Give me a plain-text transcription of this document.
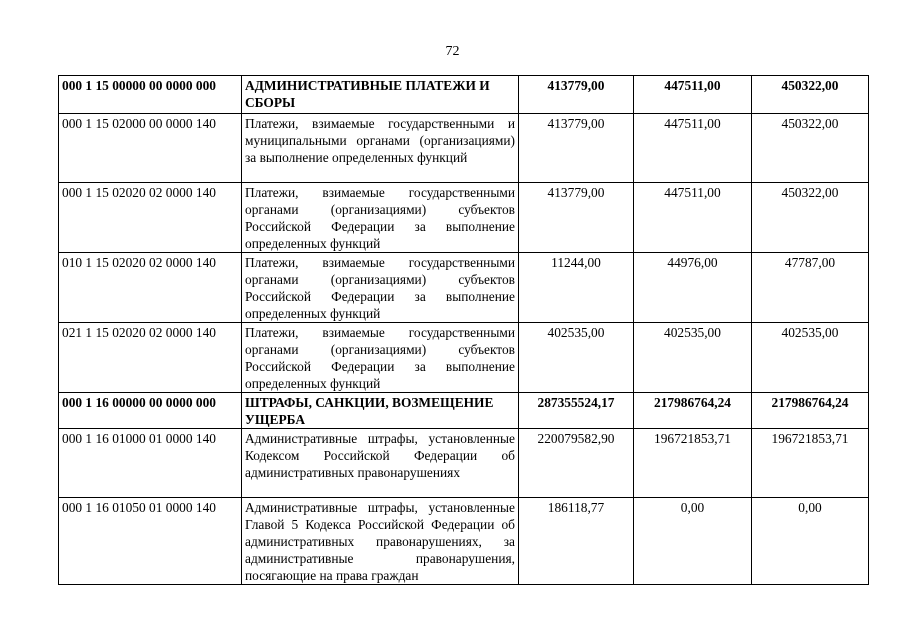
72
000 1 15 00000 00 0000 000	АДМИНИСТРАТИВНЫЕ ПЛАТЕЖИ И СБОРЫ	413779,00	447511,00	450322,00
000 1 15 02000 00 0000 140	Платежи, взимаемые государственными и муниципальными органами (организациями) за выполнение определенных функций	413779,00	447511,00	450322,00
000 1 15 02020 02 0000 140	Платежи, взимаемые государственными органами (организациями) субъектов Российской Федерации за выполнение определенных функций	413779,00	447511,00	450322,00
010 1 15 02020 02 0000 140	Платежи, взимаемые государственными органами (организациями) субъектов Российской Федерации за выполнение определенных функций	11244,00	44976,00	47787,00
021 1 15 02020 02 0000 140	Платежи, взимаемые государственными органами (организациями) субъектов Российской Федерации за выполнение определенных функций	402535,00	402535,00	402535,00
000 1 16 00000 00 0000 000	ШТРАФЫ, САНКЦИИ, ВОЗМЕЩЕНИЕ УЩЕРБА	287355524,17	217986764,24	217986764,24
000 1 16 01000 01 0000 140	Административные штрафы, установленные Кодексом Российской Федерации об административных правонарушениях	220079582,90	196721853,71	196721853,71
000 1 16 01050 01 0000 140	Административные штрафы, установленные Главой 5 Кодекса Российской Федерации об административных правонарушениях, за административные правонарушения, посягающие на права граждан	186118,77	0,00	0,00
